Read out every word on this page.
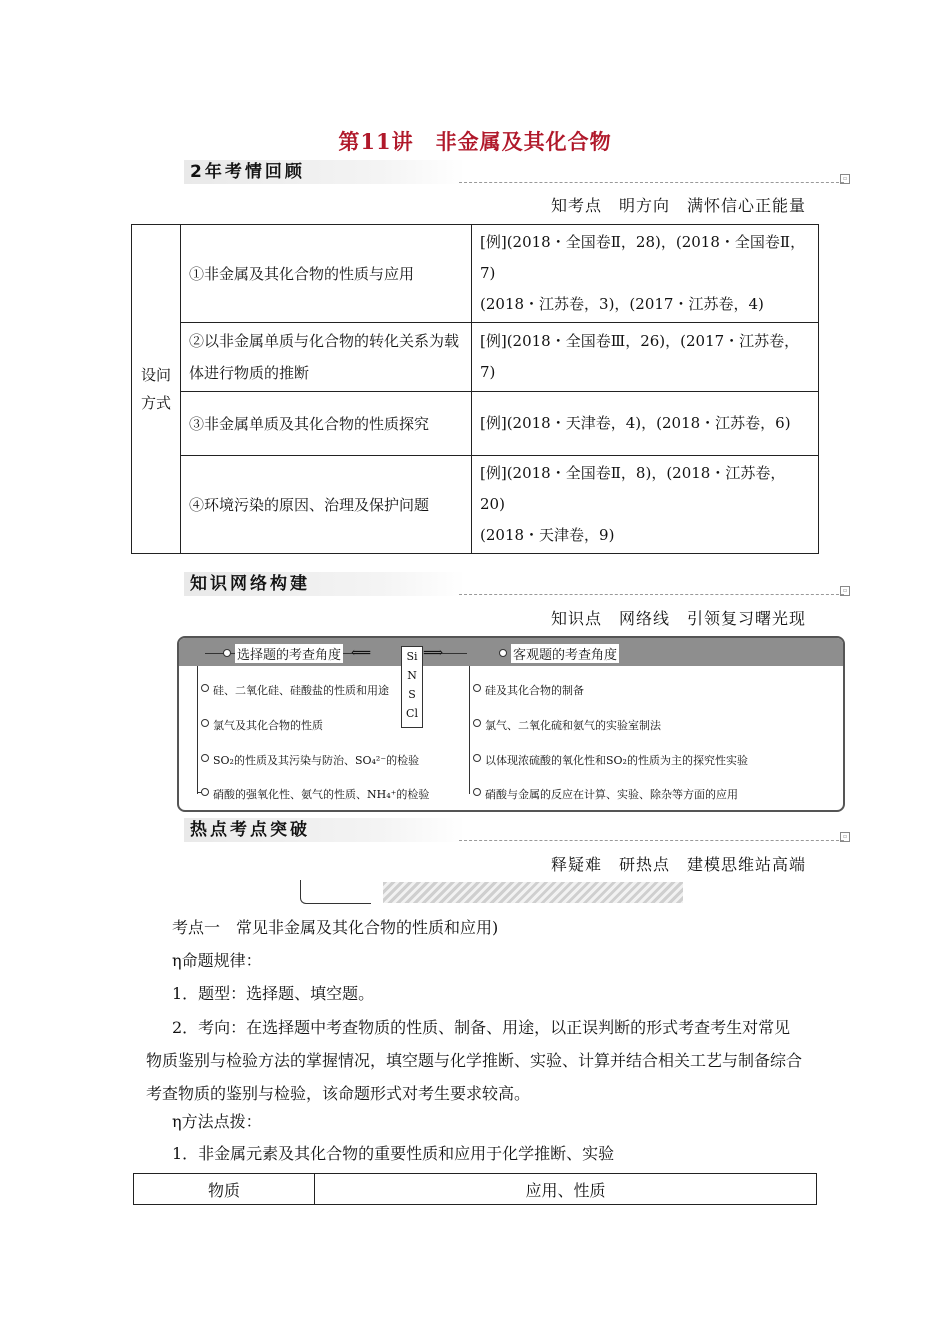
第11讲　非金属及其化合物
2年考情回顾	▫
知考点　明方向　满怀信心正能量
设问方式	①非金属及其化合物的性质与应用	[例](2018・全国卷Ⅱ，28)，(2018・全国卷Ⅱ，7)
(2018・江苏卷，3)，(2017・江苏卷，4)
	②以非金属单质与化合物的转化关系为载体进行物质的推断	[例](2018・全国卷Ⅲ，26)，(2017・江苏卷，7)
	③非金属单质及其化合物的性质探究	[例](2018・天津卷，4)，(2018・江苏卷，6)
	④环境污染的原因、治理及保护问题	[例](2018・全国卷Ⅱ，8)，(2018・江苏卷，20)
(2018・天津卷，9)
知识网络构建	▫
知识点　网络线　引领复习曙光现
选择题的考查角度 ⟸	⟹	客观题的考查角度
Si
N
S
Cl
硅、二氧化硅、硅酸盐的性质和用途
氯气及其化合物的性质
SO₂的性质及其污染与防治、SO₄²⁻的检验
硝酸的强氧化性、氨气的性质、NH₄⁺的检验
硅及其化合物的制备
氯气、二氧化硫和氨气的实验室制法
以体现浓硫酸的氧化性和SO₂的性质为主的探究性实验
硝酸与金属的反应在计算、实验、除杂等方面的应用
热点考点突破	▫
释疑难　研热点　建模思维站高端
考点一　常见非金属及其化合物的性质和应用)
η命题规律：
1．题型：选择题、填空题。
2．考向：在选择题中考查物质的性质、制备、用途，以正误判断的形式考查考生对常见物质鉴别与检验方法的掌握情况，填空题与化学推断、实验、计算并结合相关工艺与制备综合考查物质的鉴别与检验，该命题形式对考生要求较高。
η方法点拨：
1．非金属元素及其化合物的重要性质和应用于化学推断、实验
物质	应用、性质
